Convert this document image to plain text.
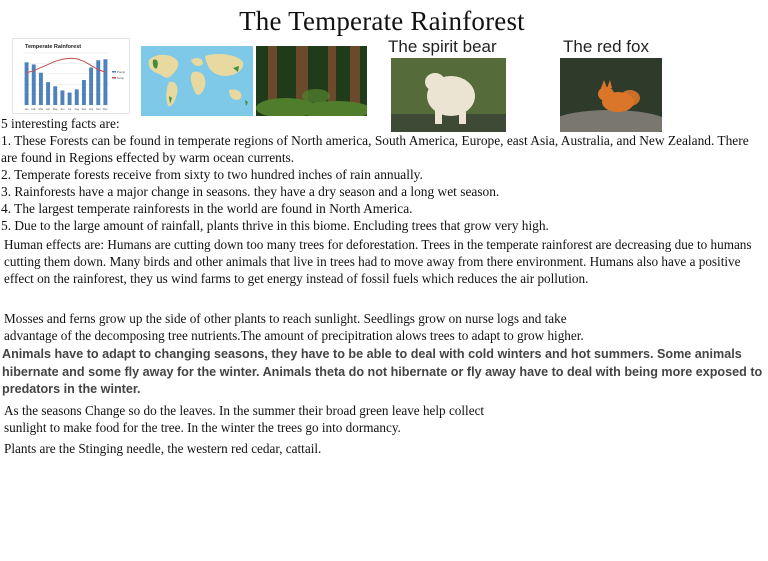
The Temperate Rainforest
Temperate Rainforest
Jan Feb Mar Apr May Jun Jul Aug Sep Oct Nov Dec
Precip
Temp
The spirit bear	The red fox
5 interesting facts are:
1. These Forests can be found in temperate regions of North america, South America, Europe, east Asia, Australia, and New Zealand. There are found in Regions effected by warm ocean currents.
2. Temperate forests receive from sixty to two hundred inches of rain annually.
3. Rainforests have a major change in seasons. they have a dry season and a long wet season.
4. The largest temperate rainforests in the world are found in North America.
5. Due to the large amount of rainfall, plants thrive in this biome. Encluding trees that grow very high.
Human effects are: Humans are cutting down too many trees for deforestation. Trees in the temperate rainforest are decreasing due to humans cutting them down. Many birds and other animals that live in trees had to move away from there environment. Humans also have a positive effect on the rainforest, they us wind farms to get energy instead of fossil fuels which reduces the air pollution.
Mosses and ferns grow up the side of other plants to reach sunlight. Seedlings grow on nurse logs and take
advantage of the decomposing tree nutrients.The amount of precipitration alows trees to adapt to grow higher.
Animals have to adapt to changing seasons, they have to be able to deal with cold winters and hot summers. Some animals hibernate and some fly away for the winter. Animals theta do not hibernate or fly away have to deal with being more exposed to predators in the winter.
As the seasons Change so do the leaves. In the summer their broad green leave help collect
sunlight to make food for the tree. In the winter the trees go into dormancy.
Plants are the Stinging needle, the western red cedar, cattail.
